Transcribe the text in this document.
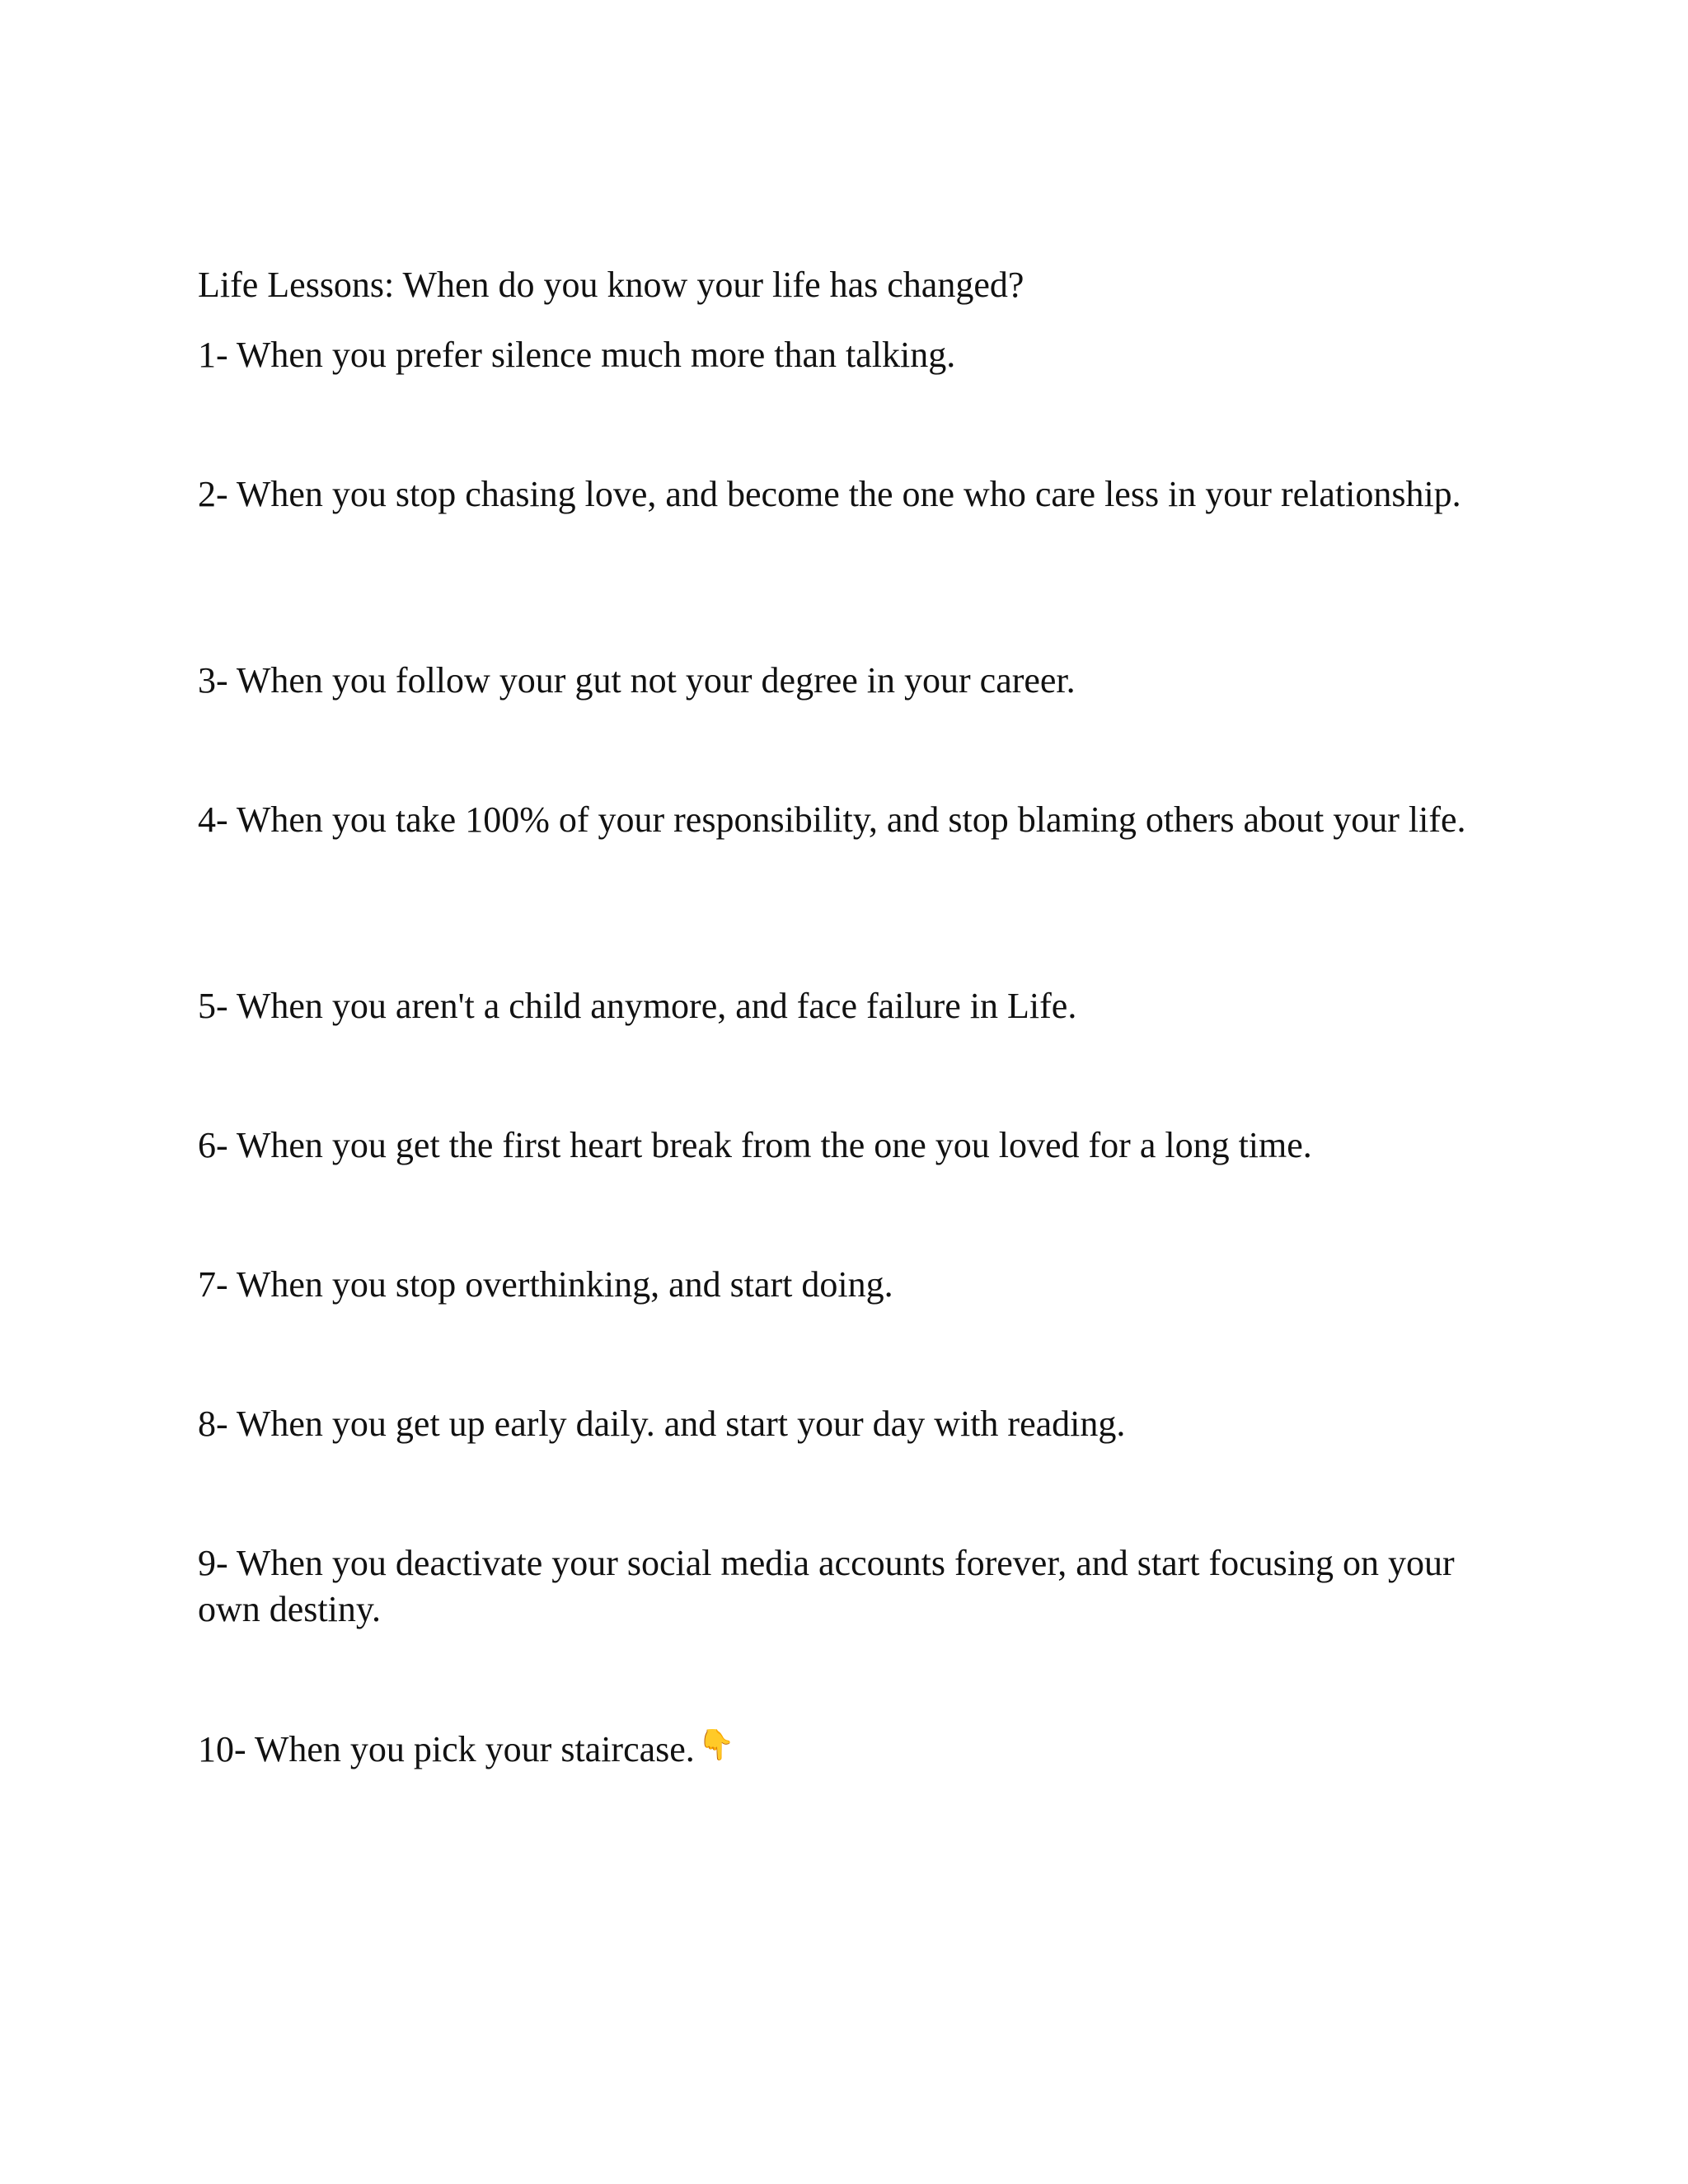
Life Lessons: When do you know your life has changed?
1- When you prefer silence much more than talking.
2- When you stop chasing love, and become the one who care less in your relationship.
3- When you follow your gut not your degree in your career.
4- When you take 100% of your responsibility, and stop blaming others about your life.
5- When you aren't a child anymore, and face failure in Life.
6- When you get the first heart break from the one you loved for a long time.
7- When you stop overthinking, and start doing.
8- When you get up early daily. and start your day with reading.
9- When you deactivate your social media accounts forever, and start focusing on your own destiny.
10- When you pick your staircase. 👇
